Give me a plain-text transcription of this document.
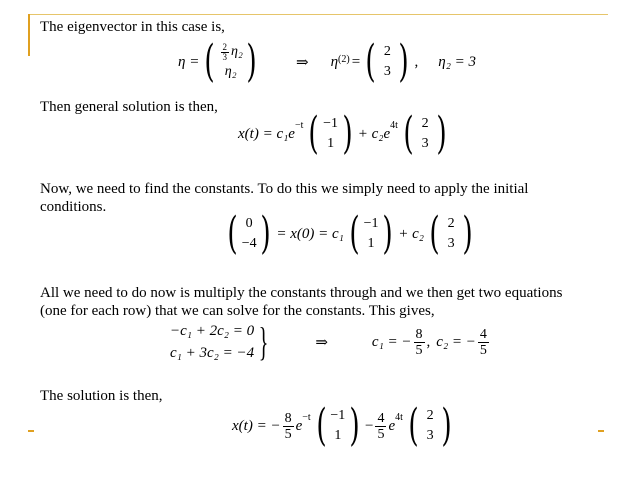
The eigenvector in this case is,
η = ( $\frac{2}{3} \eta_2$
η₂ )	⇒ η (2) = ( 2
3 ) , η₂ = 3
Then general solution is then,
x(t) = c₁e −t ( −1
1 ) + c₂e 4t ( 2
3 )
Now, we need to find the constants. To do this we simply need to apply the initial
conditions.
( 0
−4 ) = x(0) = c₁ ( −1
1 ) + c₂ ( 2
3 )
All we need to do now is multiply the constants through and we then get two equations
(one for each row) that we can solve for the constants. This gives,
−c₁ + 2c₂ = 0
c₁ + 3c₂ = −4 }	⇒	c₁ = − $\frac{8}{5}$ , c₂ = − $\frac{4}{5}$
The solution is then,
x(t) = − $\frac{8}{5}$ e −t ( −1
1 ) − $\frac{4}{5}$ e 4t ( 2
3 )
